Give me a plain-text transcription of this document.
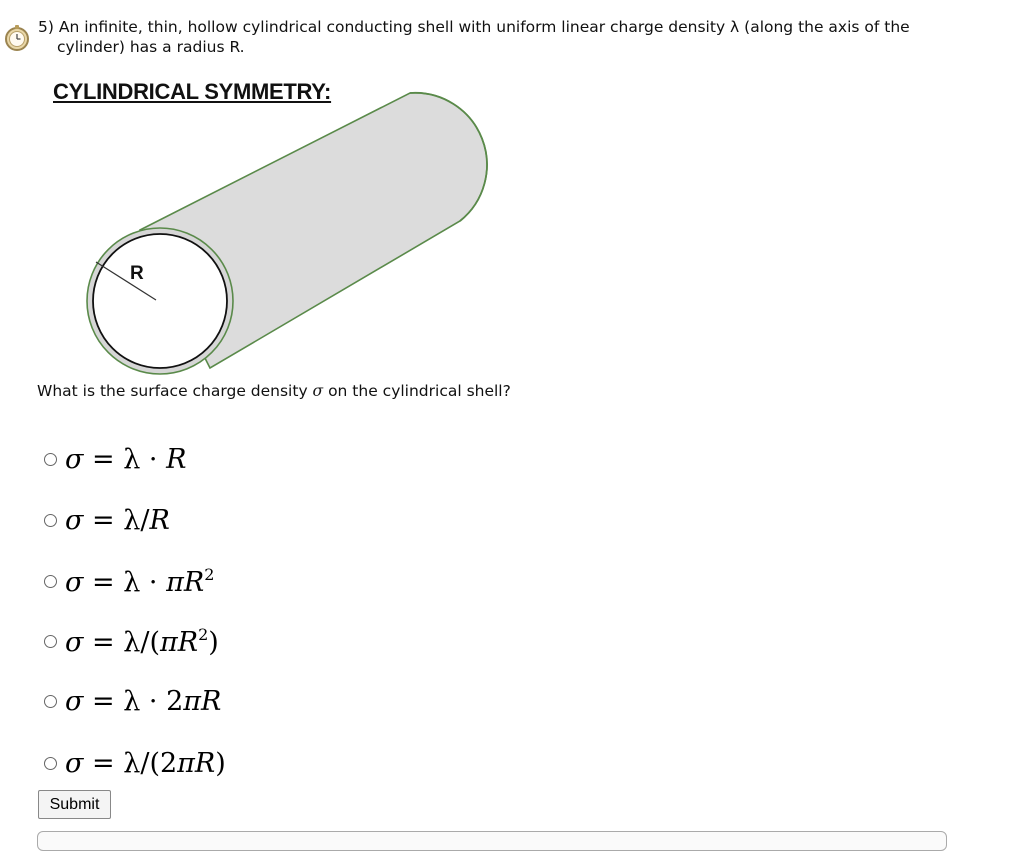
5) An infinite, thin, hollow cylindrical conducting shell with uniform linear charge density λ (along the axis of the
cylinder) has a radius R.
CYLINDRICAL SYMMETRY:
R
What is the surface charge density σ on the cylindrical shell?
σ = λ · R
σ = λ/R
$\sigma = \lambda \cdot \pi R^2$
$\sigma = \lambda/(\pi R^2)$
σ = λ · 2πR
σ = λ/(2πR)
Submit
